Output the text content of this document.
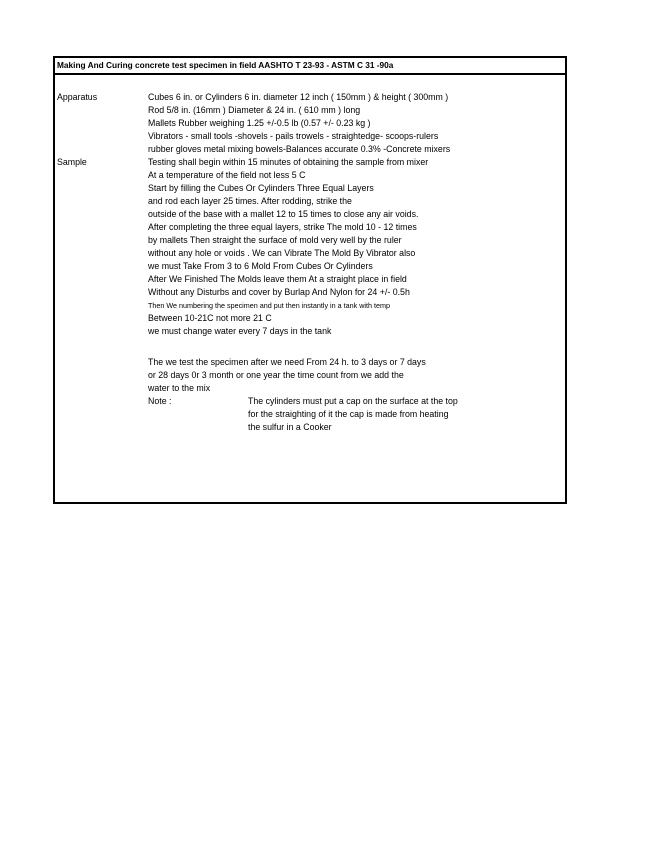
Making And Curing concrete test specimen in field AASHTO T 23-93 - ASTM C 31 -90a
Apparatus	Cubes 6 in. or Cylinders 6 in. diameter 12 inch ( 150mm ) & height ( 300mm )
Rod 5/8 in. (16mm ) Diameter & 24 in. ( 610 mm ) long
Mallets Rubber weighing 1.25 +/-0.5 lb (0.57 +/- 0.23 kg )
Vibrators - small tools -shovels - pails trowels - straightedge- scoops-rulers
rubber gloves metal mixing bowels-Balances accurate 0.3% -Concrete mixers
Sample	Testing shall begin within 15 minutes of obtaining the sample from mixer
At a temperature of the field not less 5 C
Start by filling the Cubes Or Cylinders Three Equal Layers
and rod each layer 25 times. After rodding, strike the
outside of the base with a mallet 12 to 15 times to close any air voids.
After completing the three equal layers, strike The mold 10 - 12 times
by mallets Then straight the surface of mold very well by the ruler
without any hole or voids . We can Vibrate The Mold By Vibrator also
we must Take From 3 to 6 Mold From Cubes Or Cylinders
After We Finished The Molds leave them At a straight place in field
Without any Disturbs and cover by Burlap And Nylon for 24 +/- 0.5h
Then We numbering the specimen and put then instantly in a tank with temp
Between 10-21C not more 21 C
we must change water every 7 days in the tank
The we test the specimen after we need From 24 h. to 3 days or 7 days
or 28 days 0r 3 month or one year the time count from we add the
water to the mix
Note :	The cylinders must put a cap on the surface at the top
for the straighting of it the cap is made from heating
the sulfur in a Cooker
